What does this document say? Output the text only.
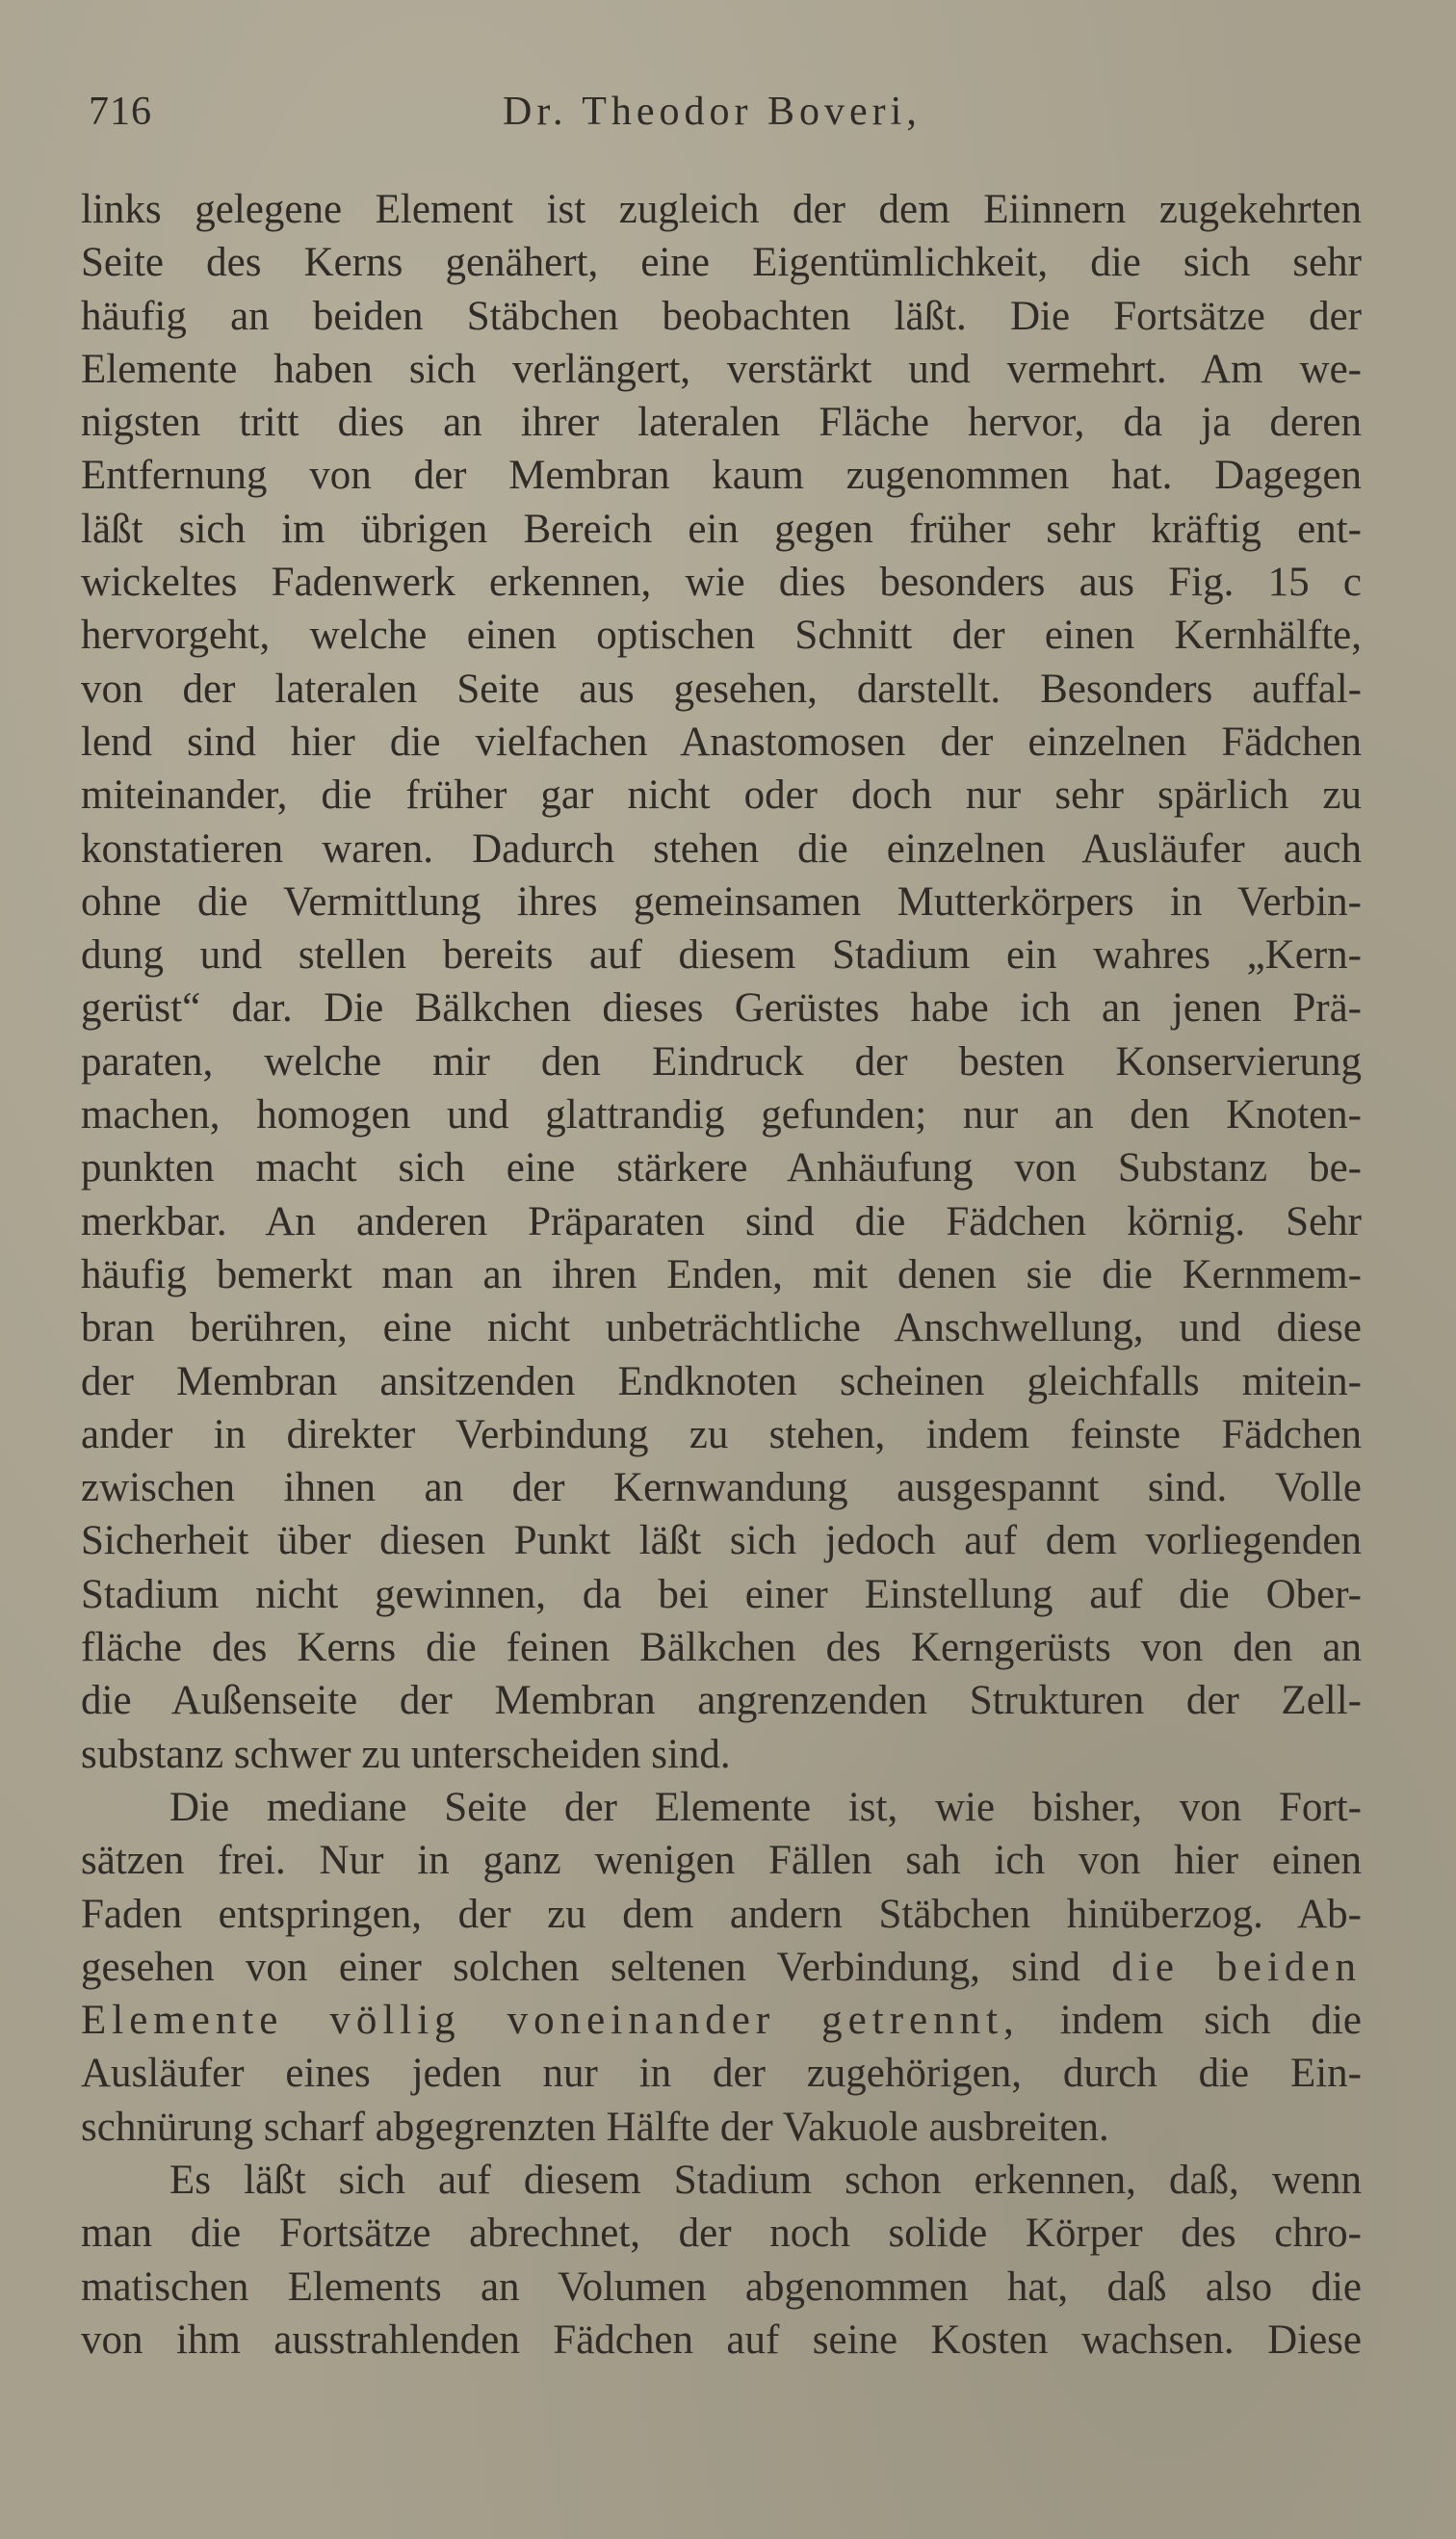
716	Dr. Theodor Boveri,
links gelegene Element ist zugleich der dem Eiinnern zugekehrten
Seite des Kerns genähert, eine Eigentümlichkeit, die sich sehr
häufig an beiden Stäbchen beobachten läßt. Die Fortsätze der
Elemente haben sich verlängert, verstärkt und vermehrt. Am we-
nigsten tritt dies an ihrer lateralen Fläche hervor, da ja deren
Entfernung von der Membran kaum zugenommen hat. Dagegen
läßt sich im übrigen Bereich ein gegen früher sehr kräftig ent-
wickeltes Fadenwerk erkennen, wie dies besonders aus Fig. 15 c
hervorgeht, welche einen optischen Schnitt der einen Kernhälfte,
von der lateralen Seite aus gesehen, darstellt. Besonders auffal-
lend sind hier die vielfachen Anastomosen der einzelnen Fädchen
miteinander, die früher gar nicht oder doch nur sehr spärlich zu
konstatieren waren. Dadurch stehen die einzelnen Ausläufer auch
ohne die Vermittlung ihres gemeinsamen Mutterkörpers in Verbin-
dung und stellen bereits auf diesem Stadium ein wahres „Kern-
gerüst“ dar. Die Bälkchen dieses Gerüstes habe ich an jenen Prä-
paraten, welche mir den Eindruck der besten Konservierung
machen, homogen und glattrandig gefunden; nur an den Knoten-
punkten macht sich eine stärkere Anhäufung von Substanz be-
merkbar. An anderen Präparaten sind die Fädchen körnig. Sehr
häufig bemerkt man an ihren Enden, mit denen sie die Kernmem-
bran berühren, eine nicht unbeträchtliche Anschwellung, und diese
der Membran ansitzenden Endknoten scheinen gleichfalls mitein-
ander in direkter Verbindung zu stehen, indem feinste Fädchen
zwischen ihnen an der Kernwandung ausgespannt sind. Volle
Sicherheit über diesen Punkt läßt sich jedoch auf dem vorliegenden
Stadium nicht gewinnen, da bei einer Einstellung auf die Ober-
fläche des Kerns die feinen Bälkchen des Kerngerüsts von den an
die Außenseite der Membran angrenzenden Strukturen der Zell-
substanz schwer zu unterscheiden sind.
Die mediane Seite der Elemente ist, wie bisher, von Fort-
sätzen frei. Nur in ganz wenigen Fällen sah ich von hier einen
Faden entspringen, der zu dem andern Stäbchen hinüberzog. Ab-
gesehen von einer solchen seltenen Verbindung, sind die beiden
Elemente völlig voneinander getrennt, indem sich die
Ausläufer eines jeden nur in der zugehörigen, durch die Ein-
schnürung scharf abgegrenzten Hälfte der Vakuole ausbreiten.
Es läßt sich auf diesem Stadium schon erkennen, daß, wenn
man die Fortsätze abrechnet, der noch solide Körper des chro-
matischen Elements an Volumen abgenommen hat, daß also die
von ihm ausstrahlenden Fädchen auf seine Kosten wachsen. Diese
